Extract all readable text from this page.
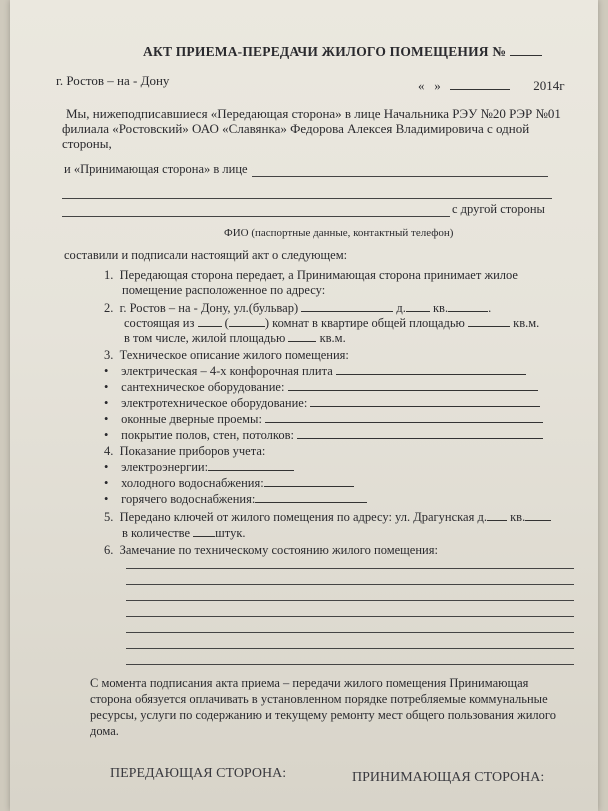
АКТ ПРИЕМА-ПЕРЕДАЧИ ЖИЛОГО ПОМЕЩЕНИЯ №
г. Ростов – на - Дону	« »	2014г
Мы, нижеподписавшиеся «Передающая сторона» в лице Начальника РЭУ №20 РЭР №01
филиала «Ростовский» ОАО «Славянка» Федорова Алексея Владимировича с одной
стороны,
и «Принимающая сторона» в лице
с другой стороны
ФИО (паспортные данные, контактный телефон)
составили и подписали настоящий акт о следующем:
1. Передающая сторона передает, а Принимающая сторона принимает жилое
помещение расположенное по адресу:
2. г. Ростов – на - Дону, ул.(бульвар)	д. кв.	.
состоящая из  (	) комнат в квартире общей площадью	кв.м.
в том числе, жилой площадью	кв.м.
3. Техническое описание жилого помещения:
• электрическая – 4-х конфорочная плита
• сантехническое оборудование:
• электротехническое оборудование:
• оконные дверные проемы:
• покрытие полов, стен, потолков:
4. Показание приборов учета:
• электроэнергии:
• холодного водоснабжения:
• горячего водоснабжения:
5. Передано ключей от жилого помещения по адресу: ул. Драгунская д. кв.
в количестве штук.
6. Замечание по техническому состоянию жилого помещения:
С момента подписания акта приема – передачи жилого помещения Принимающая
сторона обязуется оплачивать в установленном порядке потребляемые коммунальные
ресурсы, услуги по содержанию и текущему ремонту мест общего пользования жилого
дома.
ПЕРЕДАЮЩАЯ СТОРОНА:	ПРИНИМАЮЩАЯ СТОРОНА:
